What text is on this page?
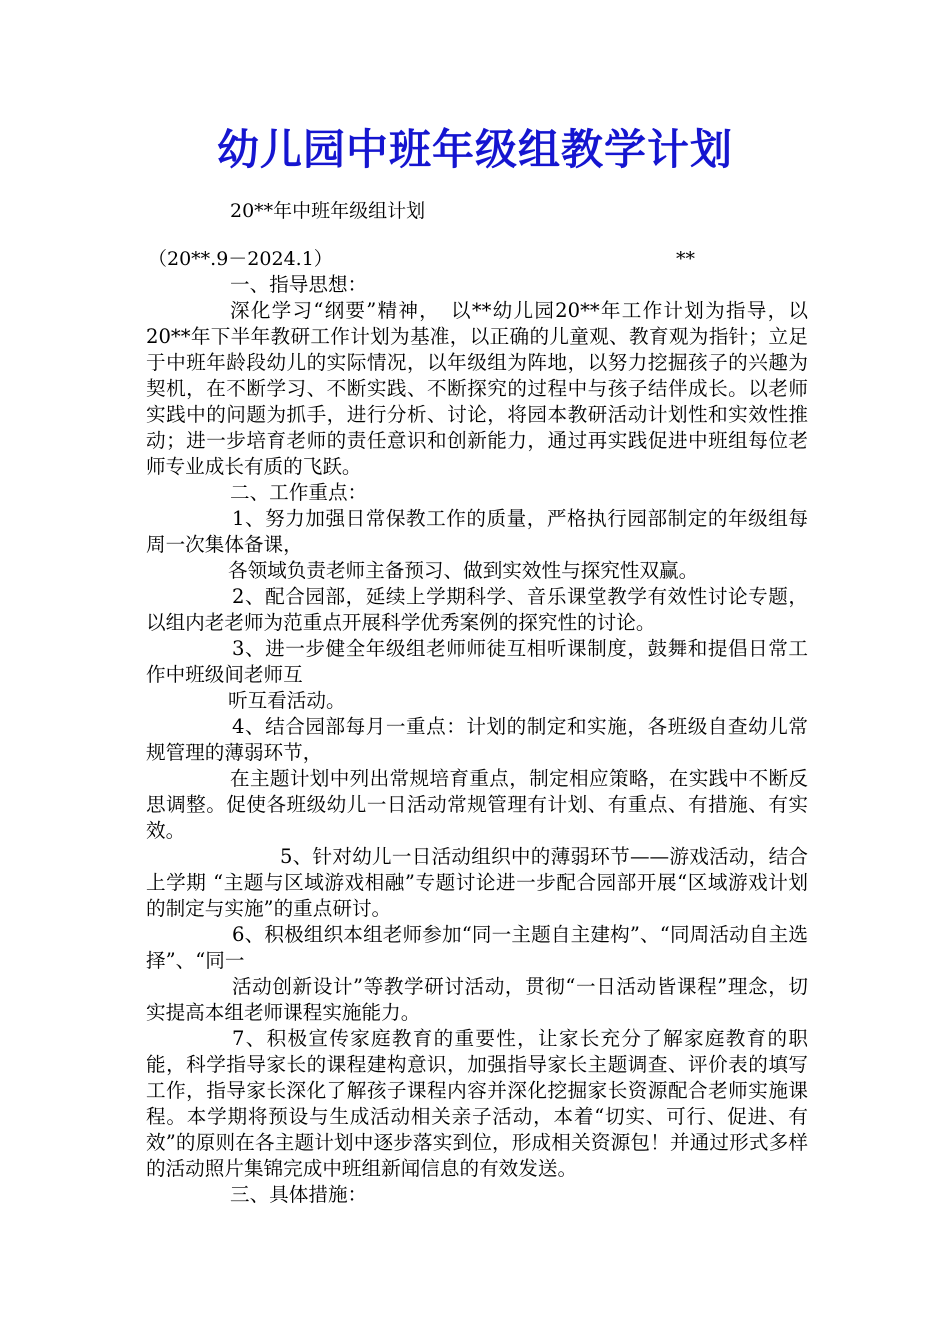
幼儿园中班年级组教学计划
20**年中班年级组计划
（20**.9－2024.1）	**

一、指导思想：

深化学习“纲要”精神，　以**幼儿园20**年工作计划为指导，以20**年下半年教研工作计划为基准，以正确的儿童观、教育观为指针；立足于中班年龄段幼儿的实际情况，以年级组为阵地，以努力挖掘孩子的兴趣为契机，在不断学习、不断实践、不断探究的过程中与孩子结伴成长。以老师实践中的问题为抓手，进行分析、讨论，将园本教研活动计划性和实效性推动；进一步培育老师的责任意识和创新能力，通过再实践促进中班组每位老师专业成长有质的飞跃。

二、工作重点：

1、努力加强日常保教工作的质量，严格执行园部制定的年级组每周一次集体备课，

各领域负责老师主备预习、做到实效性与探究性双赢。

2、配合园部，延续上学期科学、音乐课堂教学有效性讨论专题，以组内老老师为范重点开展科学优秀案例的探究性的讨论。

3、进一步健全年级组老师师徒互相听课制度，鼓舞和提倡日常工作中班级间老师互

听互看活动。

4、结合园部每月一重点：计划的制定和实施，各班级自查幼儿常规管理的薄弱环节，

在主题计划中列出常规培育重点，制定相应策略，在实践中不断反思调整。促使各班级幼儿一日活动常规管理有计划、有重点、有措施、有实效。

5、针对幼儿一日活动组织中的薄弱环节——游戏活动，结合上学期 “主题与区域游戏相融”专题讨论进一步配合园部开展“区域游戏计划的制定与实施”的重点研讨。

6、积极组织本组老师参加“同一主题自主建构”、“同周活动自主选择”、“同一

活动创新设计”等教学研讨活动，贯彻“一日活动皆课程”理念，切实提高本组老师课程实施能力。

7、积极宣传家庭教育的重要性，让家长充分了解家庭教育的职能，科学指导家长的课程建构意识，加强指导家长主题调查、评价表的填写工作，指导家长深化了解孩子课程内容并深化挖掘家长资源配合老师实施课程。本学期将预设与生成活动相关亲子活动，本着“切实、可行、促进、有效”的原则在各主题计划中逐步落实到位，形成相关资源包！并通过形式多样的活动照片集锦完成中班组新闻信息的有效发送。

三、具体措施：
